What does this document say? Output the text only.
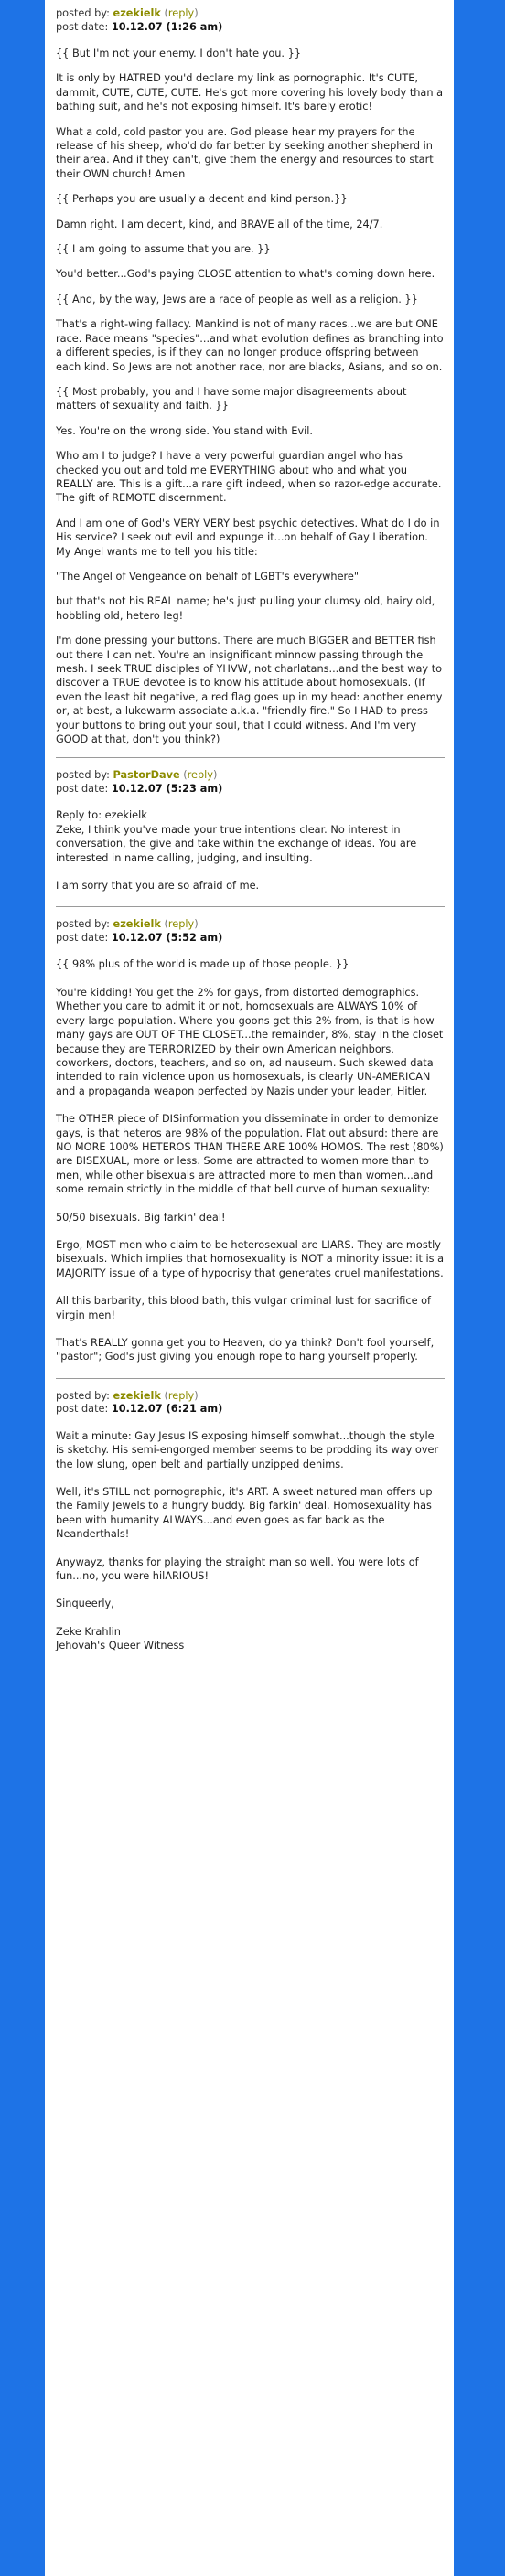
posted by: ezekielk (reply)
post date: 10.12.07 (1:26 am)

{{ But I'm not your enemy. I don't hate you. }}

It is only by HATRED you'd declare my link as pornographic. It's CUTE, dammit, CUTE, CUTE, CUTE. He's got more covering his lovely body than a bathing suit, and he's not exposing himself. It's barely erotic!

What a cold, cold pastor you are. God please hear my prayers for the release of his sheep, who'd do far better by seeking another shepherd in their area. And if they can't, give them the energy and resources to start their OWN church! Amen

{{ Perhaps you are usually a decent and kind person.}}

Damn right. I am decent, kind, and BRAVE all of the time, 24/7.

{{ I am going to assume that you are. }}

You'd better...God's paying CLOSE attention to what's coming down here.

{{ And, by the way, Jews are a race of people as well as a religion. }}

That's a right-wing fallacy. Mankind is not of many races...we are but ONE race. Race means "species"...and what evolution defines as branching into a different species, is if they can no longer produce offspring between each kind. So Jews are not another race, nor are blacks, Asians, and so on.

{{ Most probably, you and I have some major disagreements about matters of sexuality and faith. }}

Yes. You're on the wrong side. You stand with Evil.

Who am I to judge? I have a very powerful guardian angel who has checked you out and told me EVERYTHING about who and what you REALLY are. This is a gift...a rare gift indeed, when so razor-edge accurate. The gift of REMOTE discernment.

And I am one of God's VERY VERY best psychic detectives. What do I do in His service? I seek out evil and expunge it...on behalf of Gay Liberation. My Angel wants me to tell you his title:

"The Angel of Vengeance on behalf of LGBT's everywhere"

but that's not his REAL name; he's just pulling your clumsy old, hairy old, hobbling old, hetero leg!

I'm done pressing your buttons. There are much BIGGER and BETTER fish out there I can net. You're an insignificant minnow passing through the mesh. I seek TRUE disciples of YHVW, not charlatans...and the best way to discover a TRUE devotee is to know his attitude about homosexuals. (If even the least bit negative, a red flag goes up in my head: another enemy or, at best, a lukewarm associate a.k.a. "friendly fire." So I HAD to press your buttons to bring out your soul, that I could witness. And I'm very GOOD at that, don't you think?)

posted by: PastorDave (reply)
post date: 10.12.07 (5:23 am)

Reply to: ezekielk
Zeke, I think you've made your true intentions clear. No interest in conversation, the give and take within the exchange of ideas. You are interested in name calling, judging, and insulting.

I am sorry that you are so afraid of me.

posted by: ezekielk (reply)
post date: 10.12.07 (5:52 am)

{{ 98% plus of the world is made up of those people. }}

You're kidding! You get the 2% for gays, from distorted demographics. Whether you care to admit it or not, homosexuals are ALWAYS 10% of every large population. Where you goons get this 2% from, is that is how many gays are OUT OF THE CLOSET...the remainder, 8%, stay in the closet because they are TERRORIZED by their own American neighbors, coworkers, doctors, teachers, and so on, ad nauseum. Such skewed data intended to rain violence upon us homosexuals, is clearly UN-AMERICAN and a propaganda weapon perfected by Nazis under your leader, Hitler.

The OTHER piece of DISinformation you disseminate in order to demonize gays, is that heteros are 98% of the population. Flat out absurd: there are NO MORE 100% HETEROS THAN THERE ARE 100% HOMOS. The rest (80%) are BISEXUAL, more or less. Some are attracted to women more than to men, while other bisexuals are attracted more to men than women...and some remain strictly in the middle of that bell curve of human sexuality:

50/50 bisexuals. Big farkin' deal!

Ergo, MOST men who claim to be heterosexual are LIARS. They are mostly bisexuals. Which implies that homosexuality is NOT a minority issue: it is a MAJORITY issue of a type of hypocrisy that generates cruel manifestations.

All this barbarity, this blood bath, this vulgar criminal lust for sacrifice of virgin men!

That's REALLY gonna get you to Heaven, do ya think? Don't fool yourself, "pastor"; God's just giving you enough rope to hang yourself properly.

posted by: ezekielk (reply)
post date: 10.12.07 (6:21 am)

Wait a minute: Gay Jesus IS exposing himself somwhat...though the style is sketchy. His semi-engorged member seems to be prodding its way over the low slung, open belt and partially unzipped denims.

Well, it's STILL not pornographic, it's ART. A sweet natured man offers up the Family Jewels to a hungry buddy. Big farkin' deal. Homosexuality has been with humanity ALWAYS...and even goes as far back as the Neanderthals!

Anywayz, thanks for playing the straight man so well. You were lots of fun...no, you were hilARIOUS!

Sinqueerly,

Zeke Krahlin
Jehovah's Queer Witness
